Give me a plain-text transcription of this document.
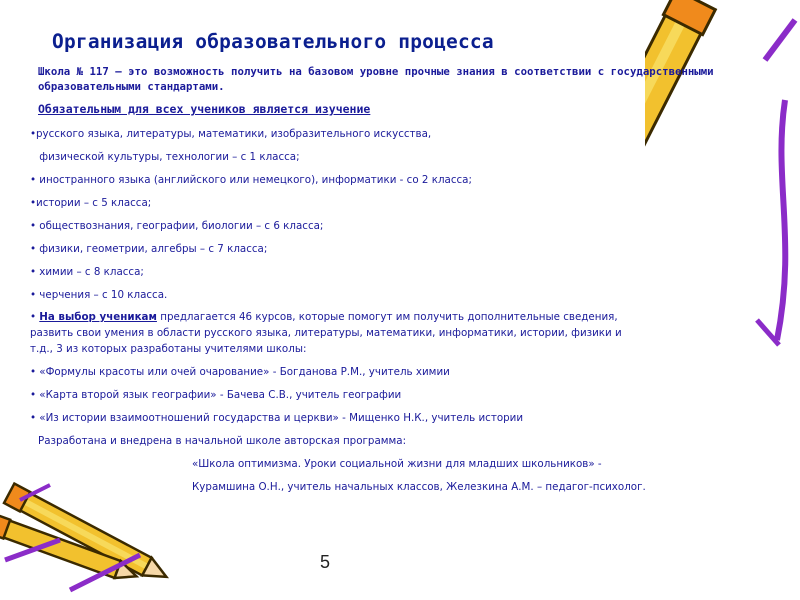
Организация образовательного процесса
Школа № 117 – это возможность получить на базовом уровне прочные знания в соответствии с государственными образовательными стандартами.
Обязательным для всех учеников является изучение
•русского языка, литературы, математики, изобразительного искусства,
физической культуры, технологии – с 1 класса;
• иностранного языка (английского или немецкого), информатики - со 2 класса;
•истории – с 5 класса;
• обществознания, географии, биологии – с 6 класса;
• физики, геометрии, алгебры – с 7 класса;
• химии – с 8 класса;
• черчения – с 10 класса.
• На выбор ученикам предлагается 46 курсов, которые помогут им получить дополнительные сведения,
развить свои умения в области русского языка, литературы, математики, информатики, истории, физики и
т.д., 3 из которых разработаны учителями школы:
• «Формулы красоты или очей очарование» - Богданова Р.М., учитель химии
• «Карта второй язык географии» - Бачева С.В., учитель географии
• «Из истории взаимоотношений государства и церкви» - Мищенко Н.К., учитель истории
Разработана и внедрена в начальной школе авторская программа:
«Школа оптимизма. Уроки социальной жизни для младших школьников» -
Курамшина О.Н., учитель начальных классов, Железкина А.М. – педагог-психолог.
5
